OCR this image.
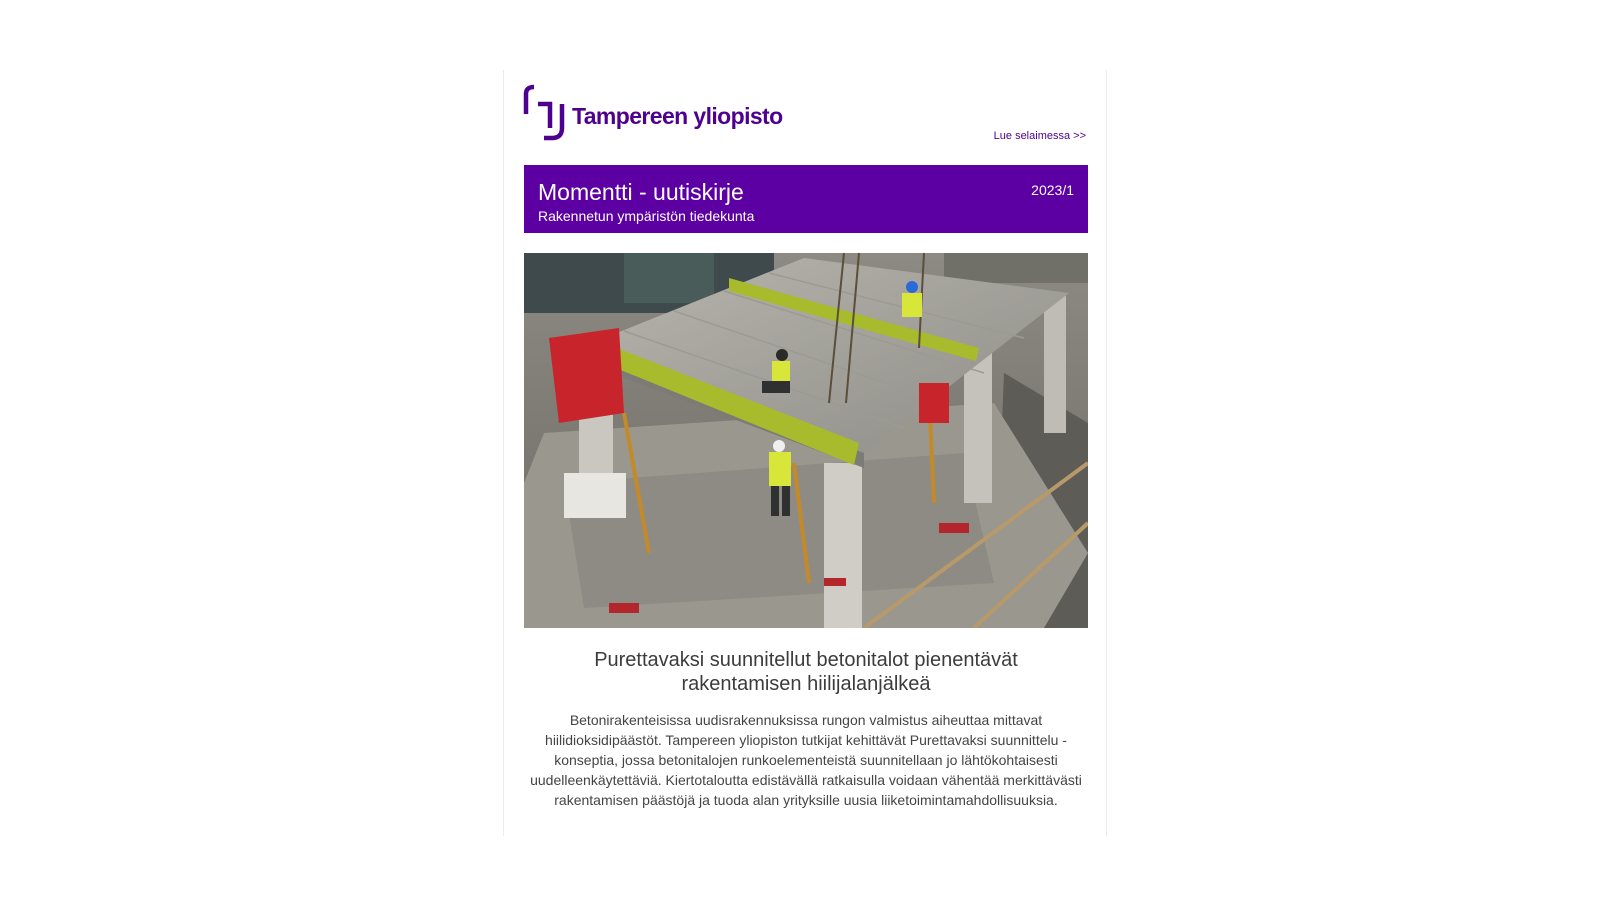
Tampereen yliopisto
Lue selaimessa >>
Momentti - uutiskirje
Rakennetun ympäristön tiedekunta
2023/1
Purettavaksi suunnitellut betonitalot pienentävät rakentamisen hiilijalanjälkeä
Betonirakenteisissa uudisrakennuksissa rungon valmistus aiheuttaa mittavat hiilidioksidipäästöt. Tampereen yliopiston tutkijat kehittävät Purettavaksi suunnittelu -konseptia, jossa betonitalojen runkoelementeistä suunnitellaan jo lähtökohtaisesti uudelleenkäytettäviä. Kiertotaloutta edistävällä ratkaisulla voidaan vähentää merkittävästi rakentamisen päästöjä ja tuoda alan yrityksille uusia liiketoimintamahdollisuuksia.
